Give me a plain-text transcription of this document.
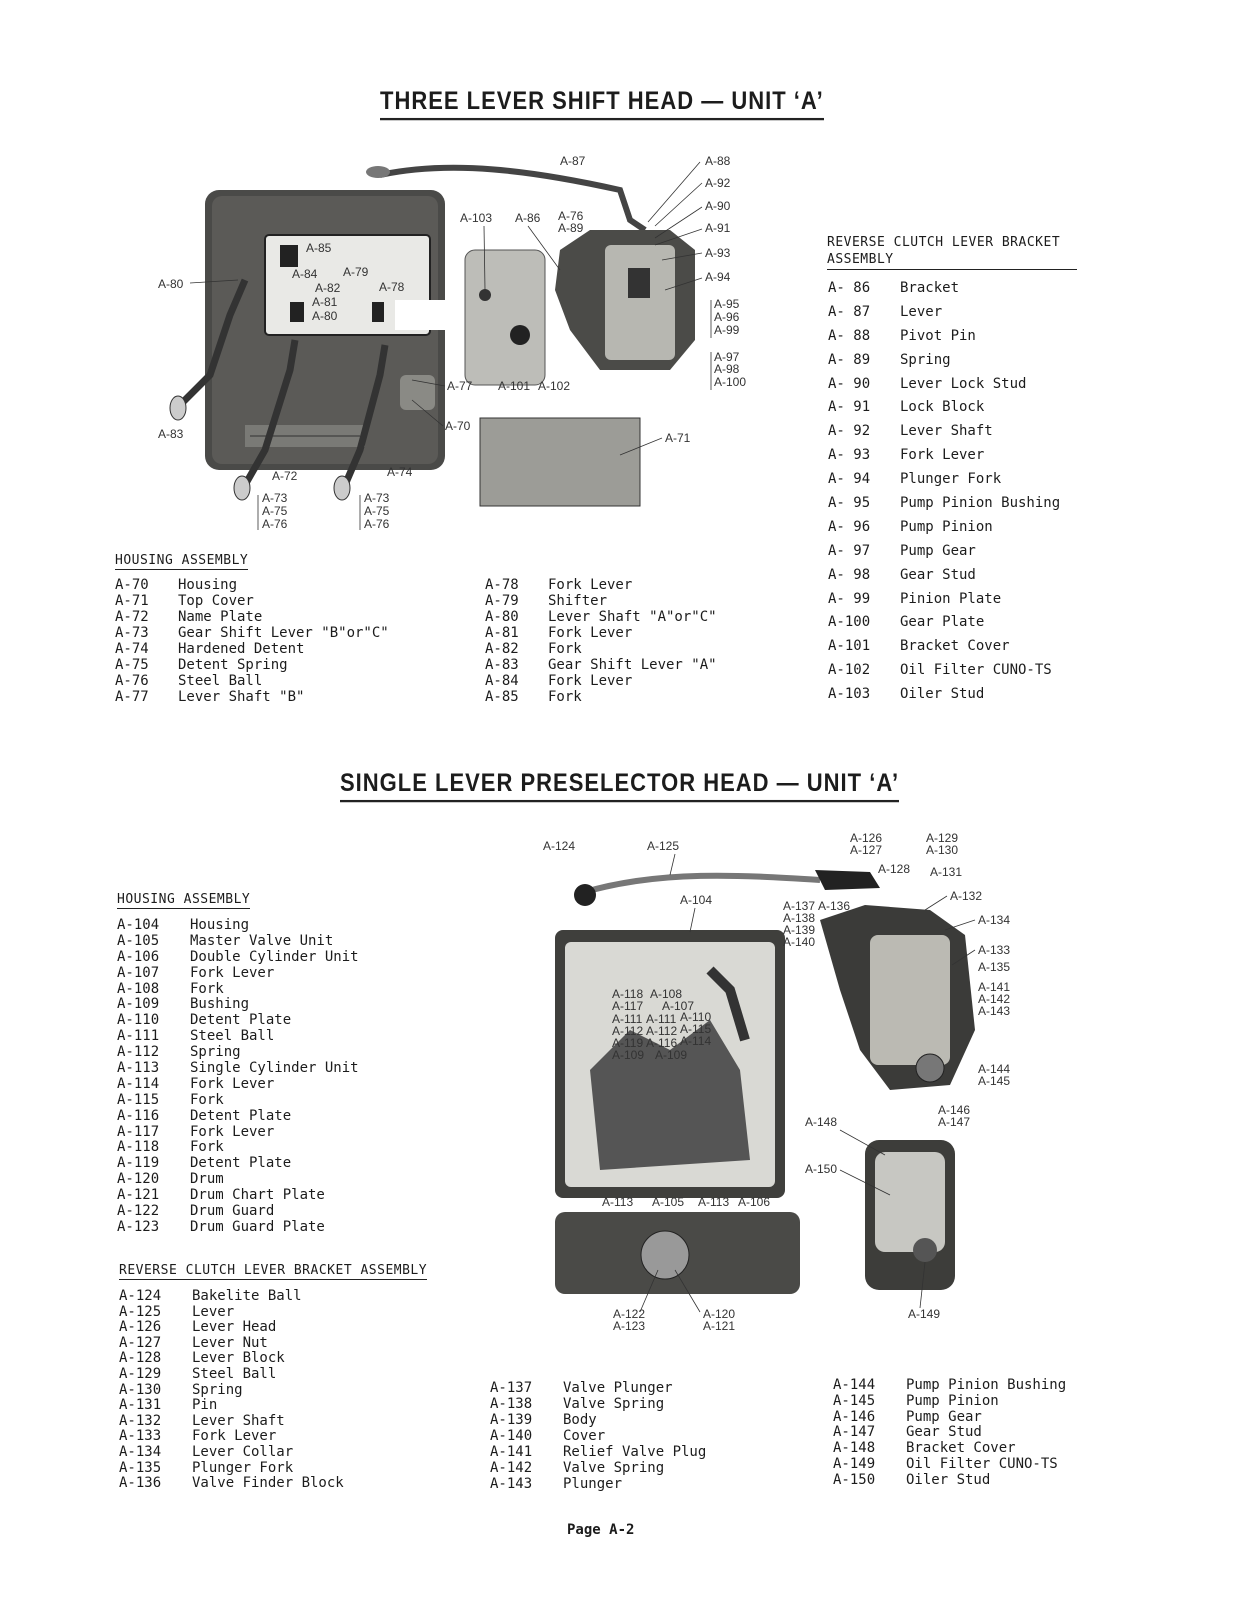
THREE LEVER SHIFT HEAD — UNIT ‘A’
A-87	A-88
A-92
A-90
A-91
A-93
A-94
A-95
A-96
A-99
A-97
A-98
A-100
A-103 A-86 A-76
A-89
A-85
A-84 A-79
A-78
A-80	A-82
A-81
A-80
A-77 A-101 A-102
A-70
A-71
A-83
A-72	A-74
A-73
A-75
A-76
A-73
A-75
A-76
REVERSE CLUTCH LEVER BRACKET ASSEMBLY
A- 86	Bracket
A- 87	Lever
A- 88	Pivot Pin
A- 89	Spring
A- 90	Lever Lock Stud
A- 91	Lock Block
A- 92	Lever Shaft
A- 93	Fork Lever
A- 94	Plunger Fork
A- 95	Pump Pinion Bushing
A- 96	Pump Pinion
A- 97	Pump Gear
A- 98	Gear Stud
A- 99	Pinion Plate
A-100	Gear Plate
A-101	Bracket Cover
A-102	Oil Filter CUNO-TS
A-103	Oiler Stud
HOUSING ASSEMBLY
A-70	Housing
A-71	Top Cover
A-72	Name Plate
A-73	Gear Shift Lever "B"or"C"
A-74	Hardened Detent
A-75	Detent Spring
A-76	Steel Ball
A-77	Lever Shaft "B"
A-78	Fork Lever
A-79	Shifter
A-80	Lever Shaft "A"or"C"
A-81	Fork Lever
A-82	Fork
A-83	Gear Shift Lever "A"
A-84	Fork Lever
A-85	Fork
SINGLE LEVER PRESELECTOR HEAD — UNIT ‘A’
A-124	A-125
A-126
A-127
A-129
A-130
A-128 A-131
A-132
A-104	A-137 A-136
A-138
A-139
A-140
A-134
A-133
A-135
A-141
A-142
A-143
A-118 A-108
A-117 A-107
A-111 A-111 A-110
A-112 A-112 A-115
A-119 A-116 A-114
A-109 A-109
A-144
A-145
A-146
A-147
A-148
A-150
A-113 A-105 A-113 A-106
A-122
A-123
A-120
A-121
A-149
HOUSING ASSEMBLY
A-104	Housing
A-105	Master Valve Unit
A-106	Double Cylinder Unit
A-107	Fork Lever
A-108	Fork
A-109	Bushing
A-110	Detent Plate
A-111	Steel Ball
A-112	Spring
A-113	Single Cylinder Unit
A-114	Fork Lever
A-115	Fork
A-116	Detent Plate
A-117	Fork Lever
A-118	Fork
A-119	Detent Plate
A-120	Drum
A-121	Drum Chart Plate
A-122	Drum Guard
A-123	Drum Guard Plate
REVERSE CLUTCH LEVER BRACKET ASSEMBLY
A-124	Bakelite Ball
A-125	Lever
A-126	Lever Head
A-127	Lever Nut
A-128	Lever Block
A-129	Steel Ball
A-130	Spring
A-131	Pin
A-132	Lever Shaft
A-133	Fork Lever
A-134	Lever Collar
A-135	Plunger Fork
A-136	Valve Finder Block
A-137	Valve Plunger
A-138	Valve Spring
A-139	Body
A-140	Cover
A-141	Relief Valve Plug
A-142	Valve Spring
A-143	Plunger
A-144	Pump Pinion Bushing
A-145	Pump Pinion
A-146	Pump Gear
A-147	Gear Stud
A-148	Bracket Cover
A-149	Oil Filter CUNO-TS
A-150	Oiler Stud
Page A-2
